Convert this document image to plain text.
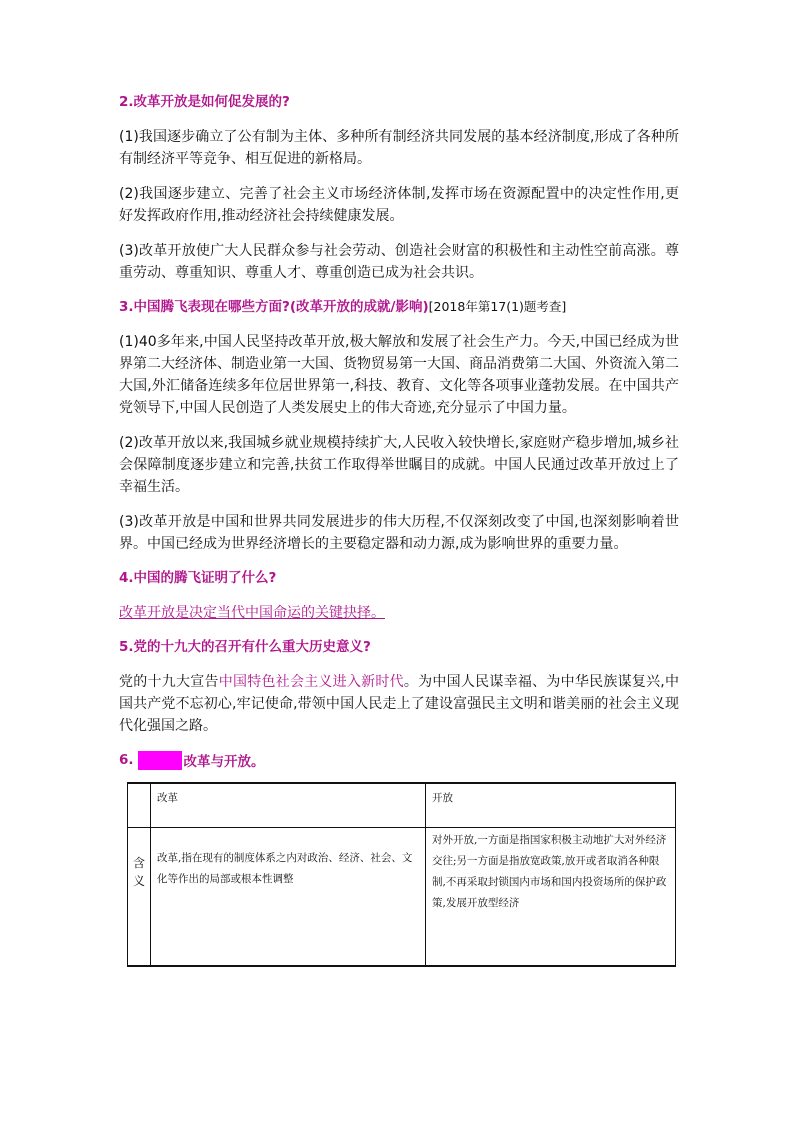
2.改革开放是如何促发展的?

(1)我国逐步确立了公有制为主体、多种所有制经济共同发展的基本经济制度,形成了各种所有制经济平等竞争、相互促进的新格局。

(2)我国逐步建立、完善了社会主义市场经济体制,发挥市场在资源配置中的决定性作用,更好发挥政府作用,推动经济社会持续健康发展。

(3)改革开放使广大人民群众参与社会劳动、创造社会财富的积极性和主动性空前高涨。尊重劳动、尊重知识、尊重人才、尊重创造已成为社会共识。

3.中国腾飞表现在哪些方面?(改革开放的成就/影响)[2018年第17(1)题考查]

(1)40多年来,中国人民坚持改革开放,极大解放和发展了社会生产力。今天,中国已经成为世界第二大经济体、制造业第一大国、货物贸易第一大国、商品消费第二大国、外资流入第二大国,外汇储备连续多年位居世界第一,科技、教育、文化等各项事业蓬勃发展。在中国共产党领导下,中国人民创造了人类发展史上的伟大奇迹,充分显示了中国力量。

(2)改革开放以来,我国城乡就业规模持续扩大,人民收入较快增长,家庭财产稳步增加,城乡社会保障制度逐步建立和完善,扶贫工作取得举世瞩目的成就。中国人民通过改革开放过上了幸福生活。

(3)改革开放是中国和世界共同发展进步的伟大历程,不仅深刻改变了中国,也深刻影响着世界。中国已经成为世界经济增长的主要稳定器和动力源,成为影响世界的重要力量。

4.中国的腾飞证明了什么?

改革开放是决定当代中国命运的关键抉择。

5.党的十九大的召开有什么重大历史意义?

党的十九大宣告中国特色社会主义进入新时代。为中国人民谋幸福、为中华民族谋复兴,中国共产党不忘初心,牢记使命,带领中国人民走上了建设富强民主文明和谐美丽的社会主义现代化强国之路。

6.	改革与开放。
	改革	开放
含义	改革,指在现有的制度体系之内对政治、经济、社会、文化等作出的局部或根本性调整	对外开放,一方面是指国家积极主动地扩大对外经济交往;另一方面是指放宽政策,放开或者取消各种限制,不再采取封锁国内市场和国内投资场所的保护政策,发展开放型经济
